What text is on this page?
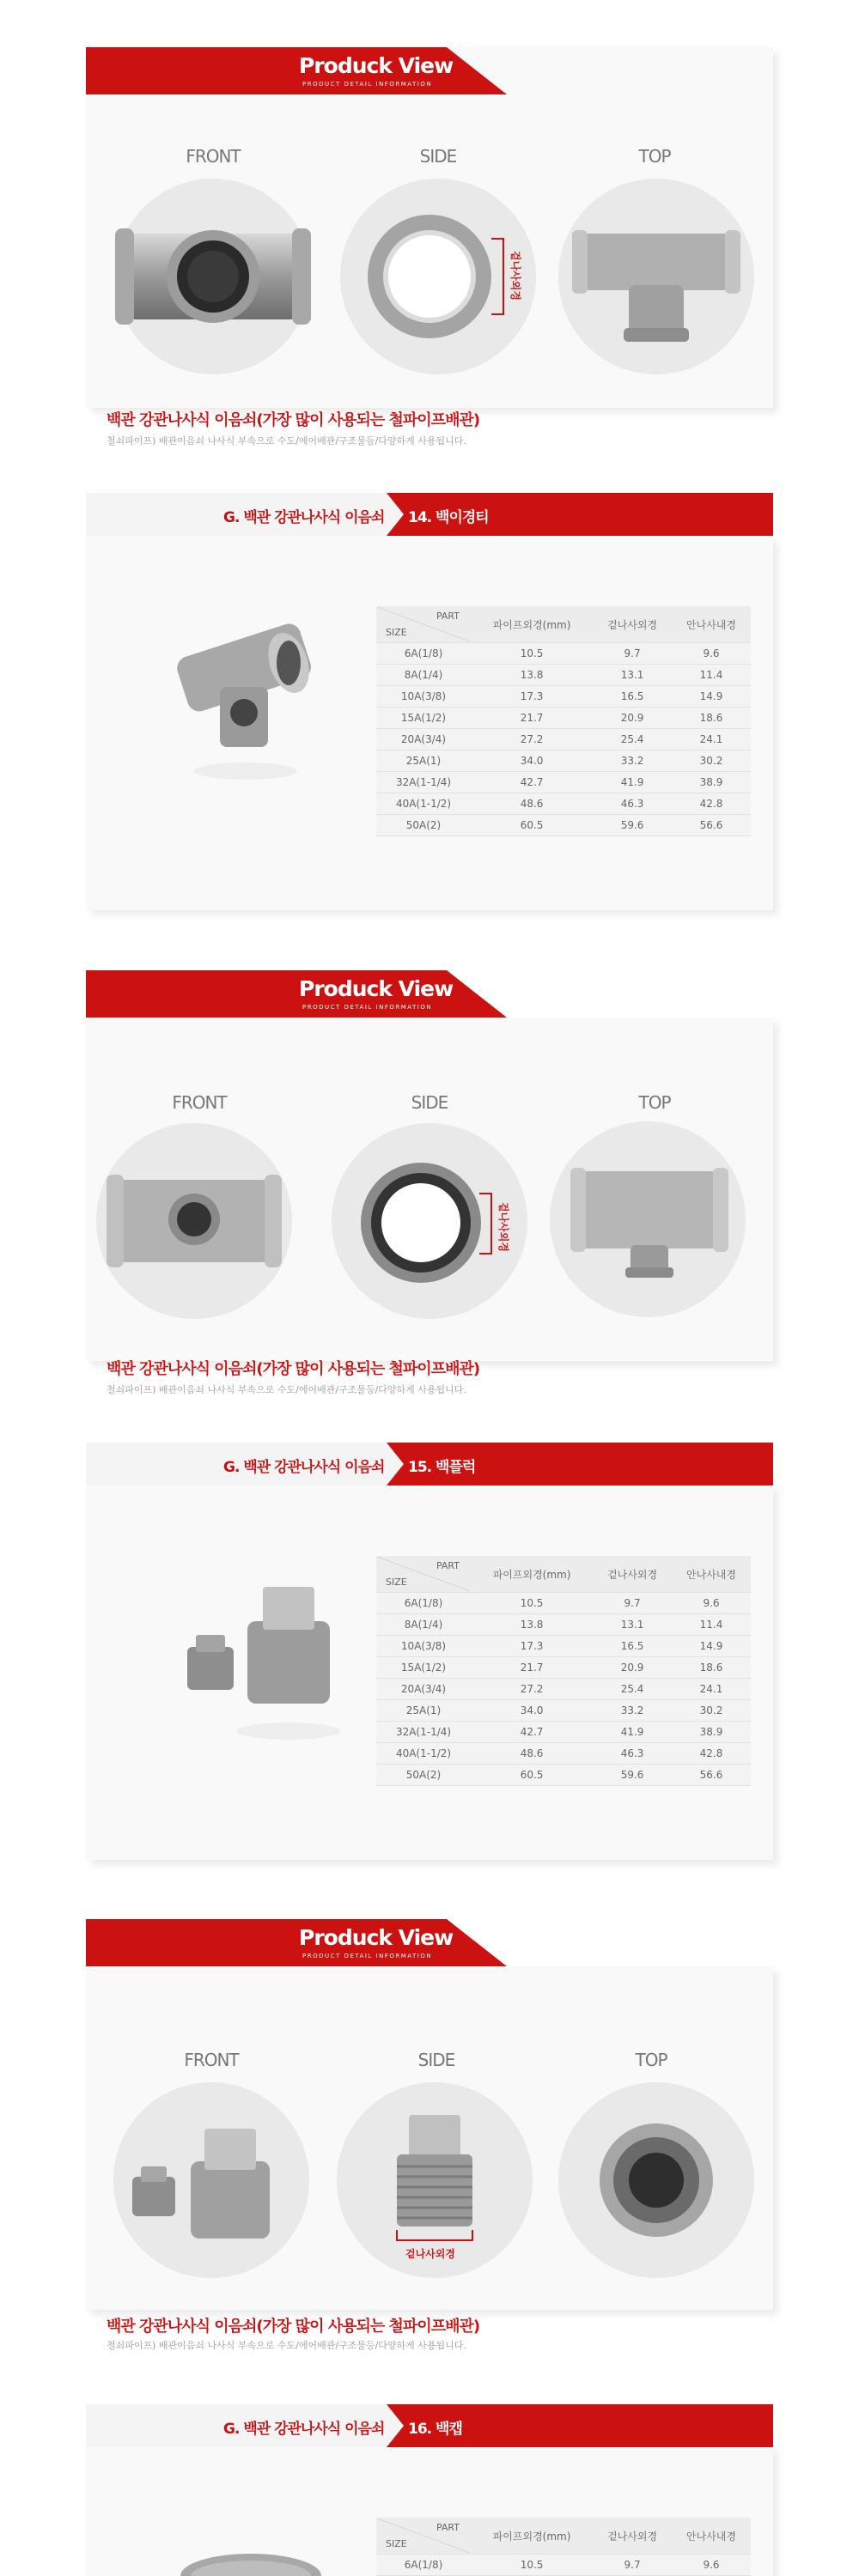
Produck View
PRODUCT DETAIL INFORMATION
FRONT	SIDE	TOP
겉나사외경
백관 강관나사식 이음쇠(가장 많이 사용되는 철파이프배관)
철쇠파이프) 배관이음쇠 나사식 부속으로 수도/에어배관/구조물등/다양하게 사용됩니다.
G. 백관 강관나사식 이음쇠 14. 백이경티
PART
SIZE	파이프외경(mm)	겉나사외경	안나사내경
6A(1/8)	10.5	9.7	9.6
8A(1/4)	13.8	13.1	11.4
10A(3/8)	17.3	16.5	14.9
15A(1/2)	21.7	20.9	18.6
20A(3/4)	27.2	25.4	24.1
25A(1)	34.0	33.2	30.2
32A(1-1/4)	42.7	41.9	38.9
40A(1-1/2)	48.6	46.3	42.8
50A(2)	60.5	59.6	56.6
Produck View
PRODUCT DETAIL INFORMATION
FRONT	SIDE	TOP
겉나사외경
백관 강관나사식 이음쇠(가장 많이 사용되는 철파이프배관)
철쇠파이프) 배관이음쇠 나사식 부속으로 수도/에어배관/구조물등/다양하게 사용됩니다.
G. 백관 강관나사식 이음쇠 15. 백플럭
PART
SIZE	파이프외경(mm)	겉나사외경	안나사내경
6A(1/8)	10.5	9.7	9.6
8A(1/4)	13.8	13.1	11.4
10A(3/8)	17.3	16.5	14.9
15A(1/2)	21.7	20.9	18.6
20A(3/4)	27.2	25.4	24.1
25A(1)	34.0	33.2	30.2
32A(1-1/4)	42.7	41.9	38.9
40A(1-1/2)	48.6	46.3	42.8
50A(2)	60.5	59.6	56.6
Produck View
PRODUCT DETAIL INFORMATION
FRONT	SIDE	TOP
겉나사외경
백관 강관나사식 이음쇠(가장 많이 사용되는 철파이프배관)
철쇠파이프) 배관이음쇠 나사식 부속으로 수도/에어배관/구조물등/다양하게 사용됩니다.
G. 백관 강관나사식 이음쇠 16. 백캡
PART
SIZE	파이프외경(mm)	겉나사외경	안나사내경
6A(1/8)	10.5	9.7	9.6
